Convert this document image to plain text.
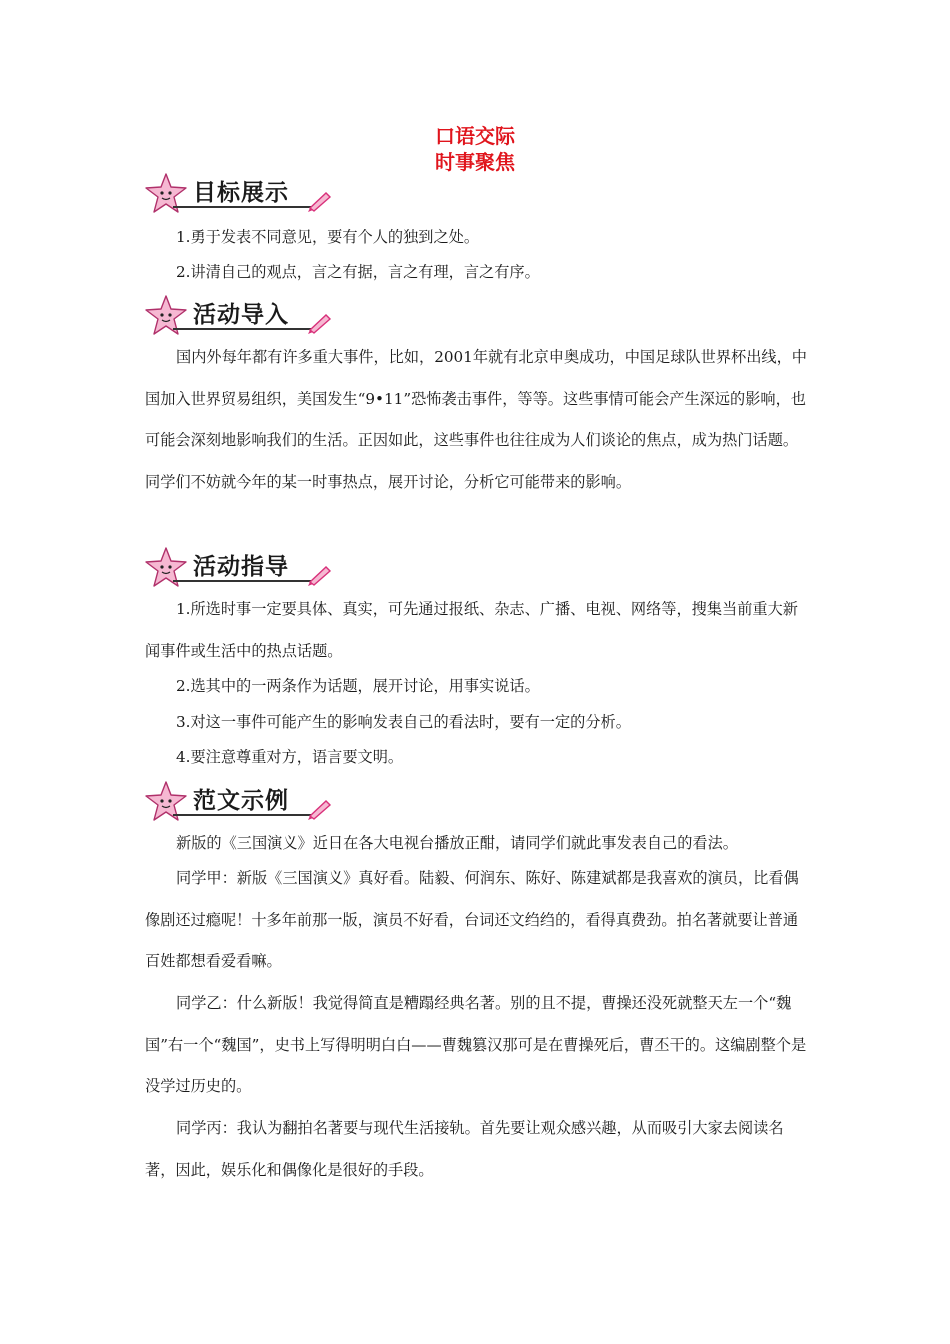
口语交际
时事聚焦
目标展示

1.勇于发表不同意见，要有个人的独到之处。

2.讲清自己的观点，言之有据，言之有理，言之有序。

活动导入

国内外每年都有许多重大事件，比如，2001年就有北京申奥成功，中国足球队世界杯出线，中国加入世界贸易组织，美国发生“9•11”恐怖袭击事件，等等。这些事情可能会产生深远的影响，也可能会深刻地影响我们的生活。正因如此，这些事件也往往成为人们谈论的焦点，成为热门话题。同学们不妨就今年的某一时事热点，展开讨论，分析它可能带来的影响。

活动指导

1.所选时事一定要具体、真实，可先通过报纸、杂志、广播、电视、网络等，搜集当前重大新闻事件或生活中的热点话题。

2.选其中的一两条作为话题，展开讨论，用事实说话。

3.对这一事件可能产生的影响发表自己的看法时，要有一定的分析。

4.要注意尊重对方，语言要文明。

范文示例

新版的《三国演义》近日在各大电视台播放正酣，请同学们就此事发表自己的看法。

同学甲：新版《三国演义》真好看。陆毅、何润东、陈好、陈建斌都是我喜欢的演员，比看偶像剧还过瘾呢！十多年前那一版，演员不好看，台词还文绉绉的，看得真费劲。拍名著就要让普通百姓都想看爱看嘛。

同学乙：什么新版！我觉得简直是糟蹋经典名著。别的且不提，曹操还没死就整天左一个“魏国”右一个“魏国”，史书上写得明明白白——曹魏篡汉那可是在曹操死后，曹丕干的。这编剧整个是没学过历史的。

同学丙：我认为翻拍名著要与现代生活接轨。首先要让观众感兴趣，从而吸引大家去阅读名著，因此，娱乐化和偶像化是很好的手段。
